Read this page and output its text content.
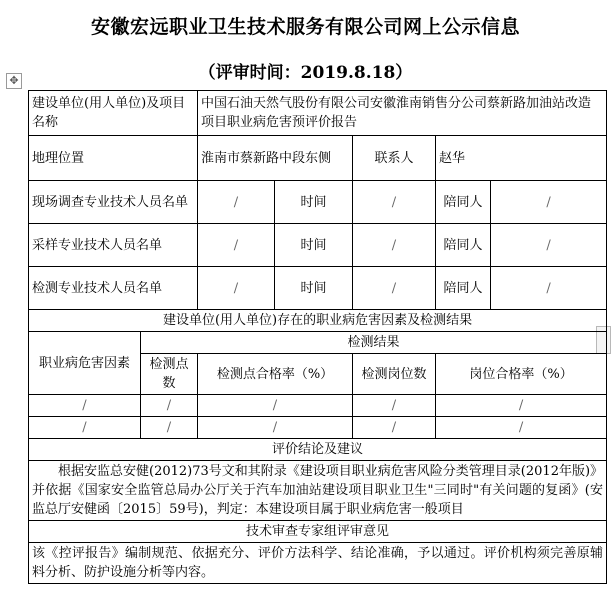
安徽宏远职业卫生技术服务有限公司网上公示信息
（评审时间：2019.8.18）
✥
建设单位(用人单位)及项目名称		中国石油天然气股份有限公司安徽淮南销售分公司蔡新路加油站改造项目职业病危害预评价报告				
地理位置		淮南市蔡新路中段东侧		联系人	赵华	
现场调查专业技术人员名单		/	时间	/	陪同人	/
采样专业技术人员名单		/	时间	/	陪同人	/
检测专业技术人员名单		/	时间	/	陪同人	/
建设单位(用人单位)存在的职业病危害因素及检测结果						
职业病危害因素	检测结果					
	检测点数	检测点合格率（%）		检测岗位数	岗位合格率（%）	
/	/	/		/	/	
/	/	/		/	/	
评价结论及建议						
根据安监总安健(2012)73号文和其附录《建设项目职业病危害风险分类管理目录(2012年版)》并依据《国家安全监管总局办公厅关于汽车加油站建设项目职业卫生"三同时"有关问题的复函》(安监总厅安健函〔2015〕59号)，判定：本建设项目属于职业病危害一般项目						
技术审查专家组评审意见						
该《控评报告》编制规范、依据充分、评价方法科学、结论准确，予以通过。评价机构须完善原辅料分析、防护设施分析等内容。						
